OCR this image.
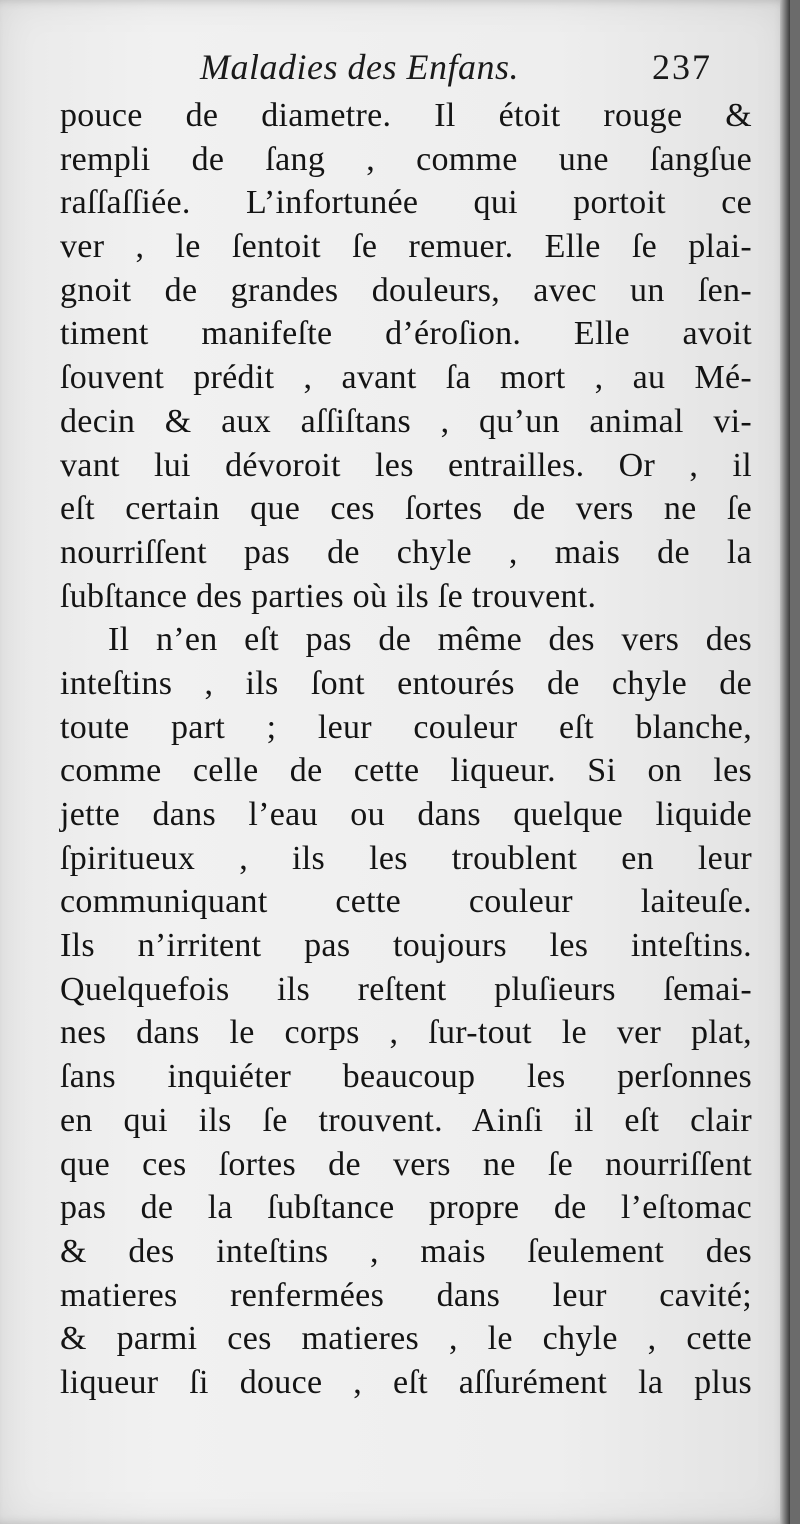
Maladies des Enfans.	237
pouce de diametre. Il étoit rouge &
rempli de ſang , comme une ſangſue
raſſaſſiée. L’infortunée qui portoit ce
ver , le ſentoit ſe remuer. Elle ſe plai-
gnoit de grandes douleurs, avec un ſen-
timent manifeſte d’éroſion. Elle avoit
ſouvent prédit , avant ſa mort , au Mé-
decin & aux aſſiſtans , qu’un animal vi-
vant lui dévoroit les entrailles. Or , il
eſt certain que ces ſortes de vers ne ſe
nourriſſent pas de chyle , mais de la
ſubſtance des parties où ils ſe trouvent.
Il n’en eſt pas de même des vers des
inteſtins , ils ſont entourés de chyle de
toute part ; leur couleur eſt blanche,
comme celle de cette liqueur. Si on les
jette dans l’eau ou dans quelque liquide
ſpiritueux , ils les troublent en leur
communiquant cette couleur laiteuſe.
Ils n’irritent pas toujours les inteſtins.
Quelquefois ils reſtent pluſieurs ſemai-
nes dans le corps , ſur-tout le ver plat,
ſans inquiéter beaucoup les perſonnes
en qui ils ſe trouvent. Ainſi il eſt clair
que ces ſortes de vers ne ſe nourriſſent
pas de la ſubſtance propre de l’eſtomac
& des inteſtins , mais ſeulement des
matieres renfermées dans leur cavité;
& parmi ces matieres , le chyle , cette
liqueur ſi douce , eſt aſſurément la plus
